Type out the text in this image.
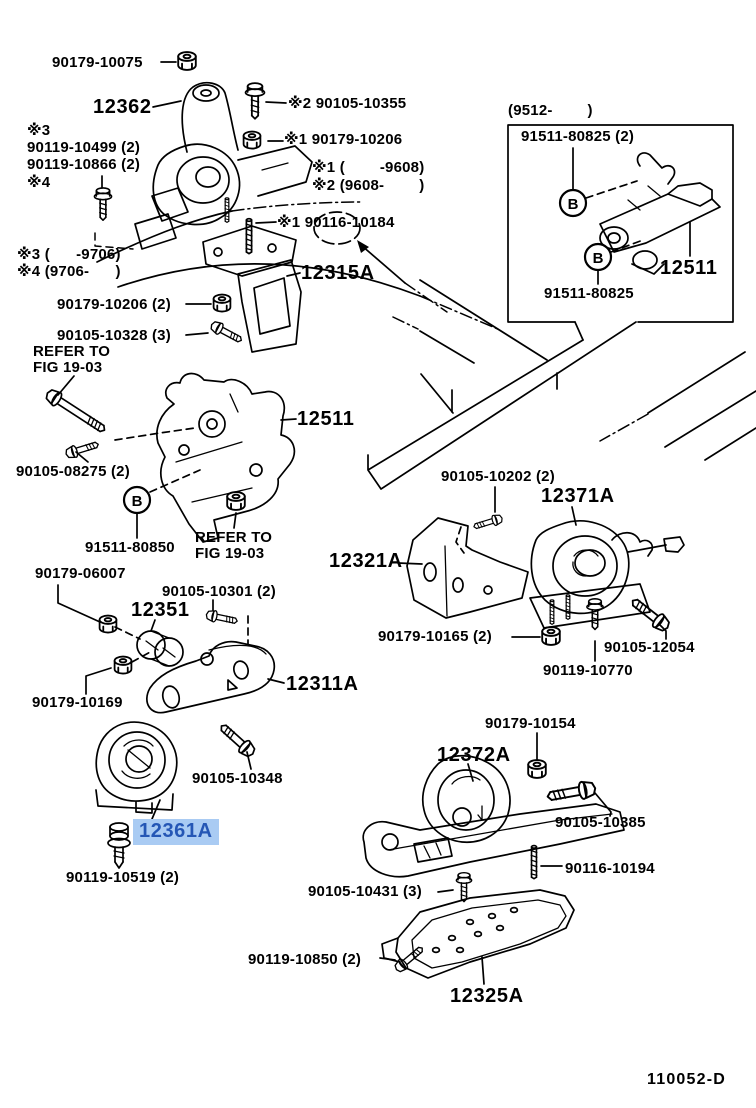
B
B
B
90179-10075
12362
※3
90119-10499 (2)
90119-10866 (2)
※4
※2 90105-10355
※1 90179-10206
※1 (        -9608)
※2 (9608-        )
※1 90116-10184
※3 (      -9706)
※4 (9706-      )	12315A
90179-10206 (2)
90105-10328 (3)
REFER TO
FIG 19-03
(9512-        )
91511-80825 (2)
12511
91511-80825
12511
90105-08275 (2)
91511-80850
REFER TO
FIG 19-03
90179-06007
12321A
90105-10301 (2)
12351
90105-10202 (2)
12371A
90179-10169
12311A
90179-10165 (2)
90105-12054
90119-10770
90105-10348
90179-10154
12372A
90105-10385
12361A
90116-10194
90119-10519 (2)
90105-10431 (3)
90119-10850 (2)
12325A
110052-D
